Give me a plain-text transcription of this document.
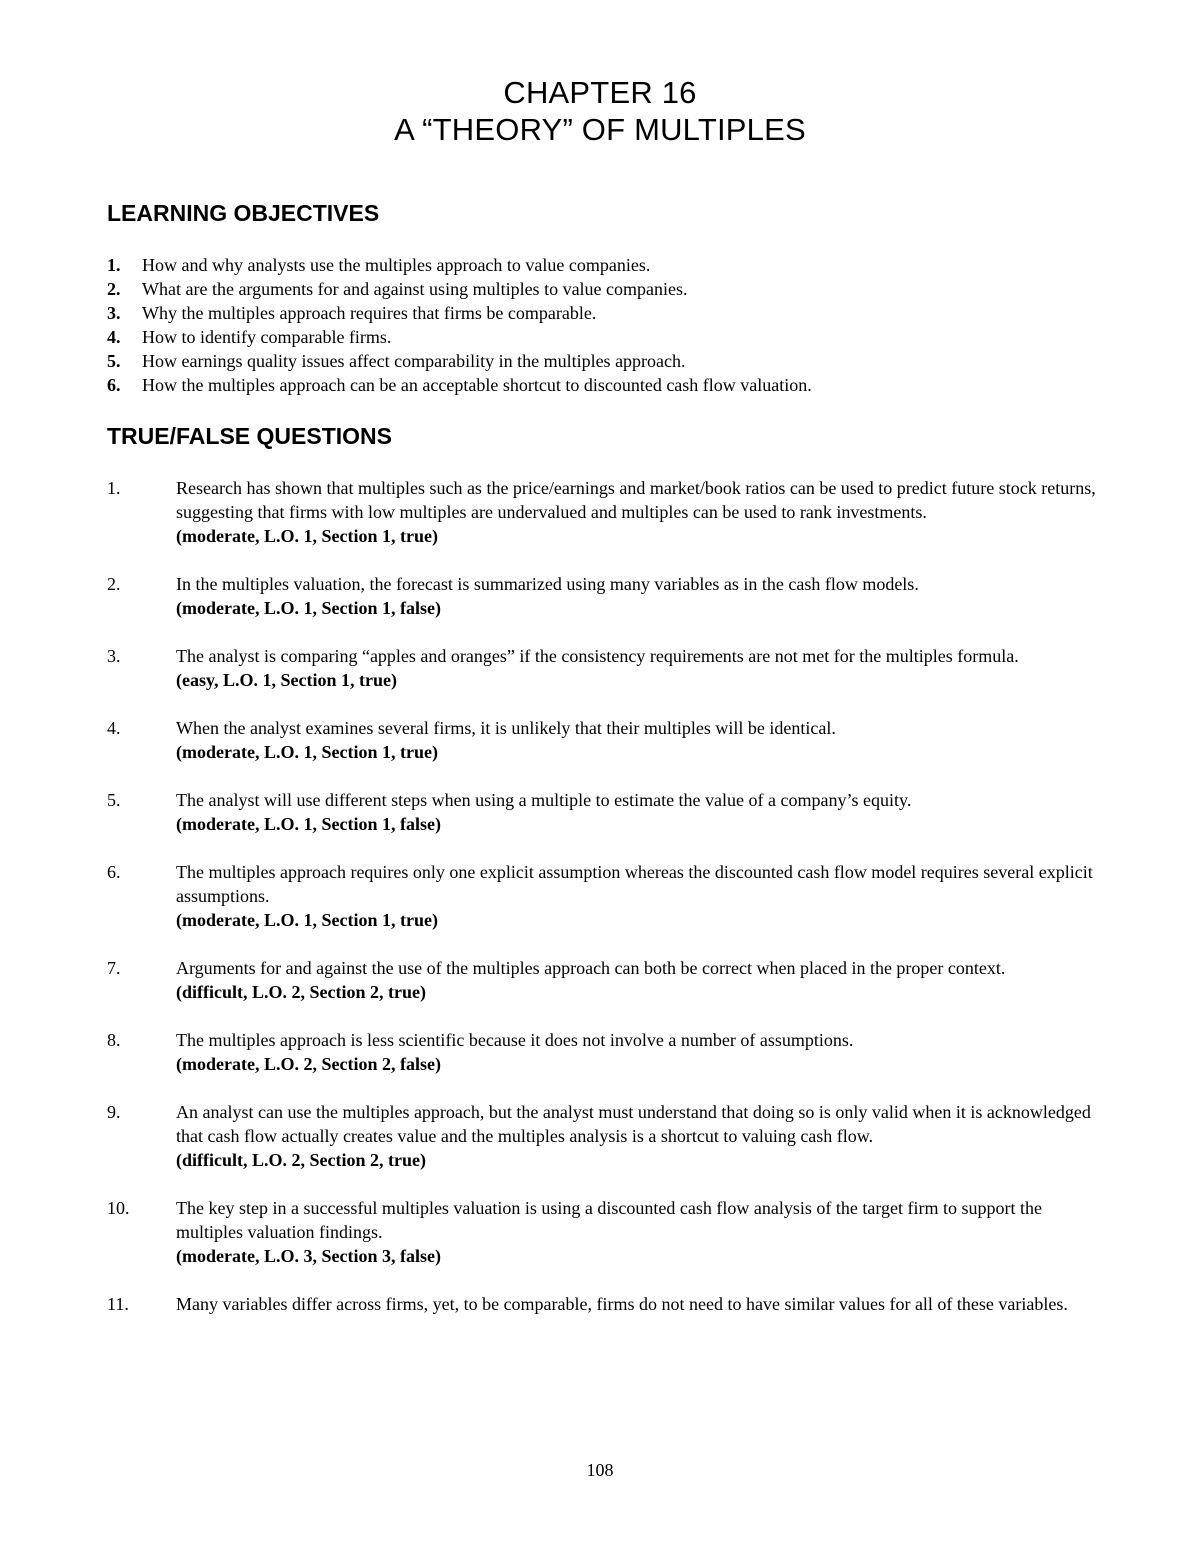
CHAPTER 16
A “THEORY” OF MULTIPLES
LEARNING OBJECTIVES
1.	How and why analysts use the multiples approach to value companies.
2.	What are the arguments for and against using multiples to value companies.
3.	Why the multiples approach requires that firms be comparable.
4.	How to identify comparable firms.
5.	How earnings quality issues affect comparability in the multiples approach.
6.	How the multiples approach can be an acceptable shortcut to discounted cash flow valuation.
TRUE/FALSE QUESTIONS
1.	Research has shown that multiples such as the price/earnings and market/book ratios can be used to predict future stock returns, suggesting that firms with low multiples are undervalued and multiples can be used to rank investments.
(moderate, L.O. 1, Section 1, true)
2.	In the multiples valuation, the forecast is summarized using many variables as in the cash flow models.
(moderate, L.O. 1, Section 1, false)
3.	The analyst is comparing “apples and oranges” if the consistency requirements are not met for the multiples formula.
(easy, L.O. 1, Section 1, true)
4.	When the analyst examines several firms, it is unlikely that their multiples will be identical.
(moderate, L.O. 1, Section 1, true)
5.	The analyst will use different steps when using a multiple to estimate the value of a company’s equity.
(moderate, L.O. 1, Section 1, false)
6.	The multiples approach requires only one explicit assumption whereas the discounted cash flow model requires several explicit assumptions.
(moderate, L.O. 1, Section 1, true)
7.	Arguments for and against the use of the multiples approach can both be correct when placed in the proper context.
(difficult, L.O. 2, Section 2, true)
8.	The multiples approach is less scientific because it does not involve a number of assumptions.
(moderate, L.O. 2, Section 2, false)
9.	An analyst can use the multiples approach, but the analyst must understand that doing so is only valid when it is acknowledged that cash flow actually creates value and the multiples analysis is a shortcut to valuing cash flow.
(difficult, L.O. 2, Section 2, true)
10.	The key step in a successful multiples valuation is using a discounted cash flow analysis of the target firm to support the multiples valuation findings.
(moderate, L.O. 3, Section 3, false)
11.	Many variables differ across firms, yet, to be comparable, firms do not need to have similar values for all of these variables.
108
